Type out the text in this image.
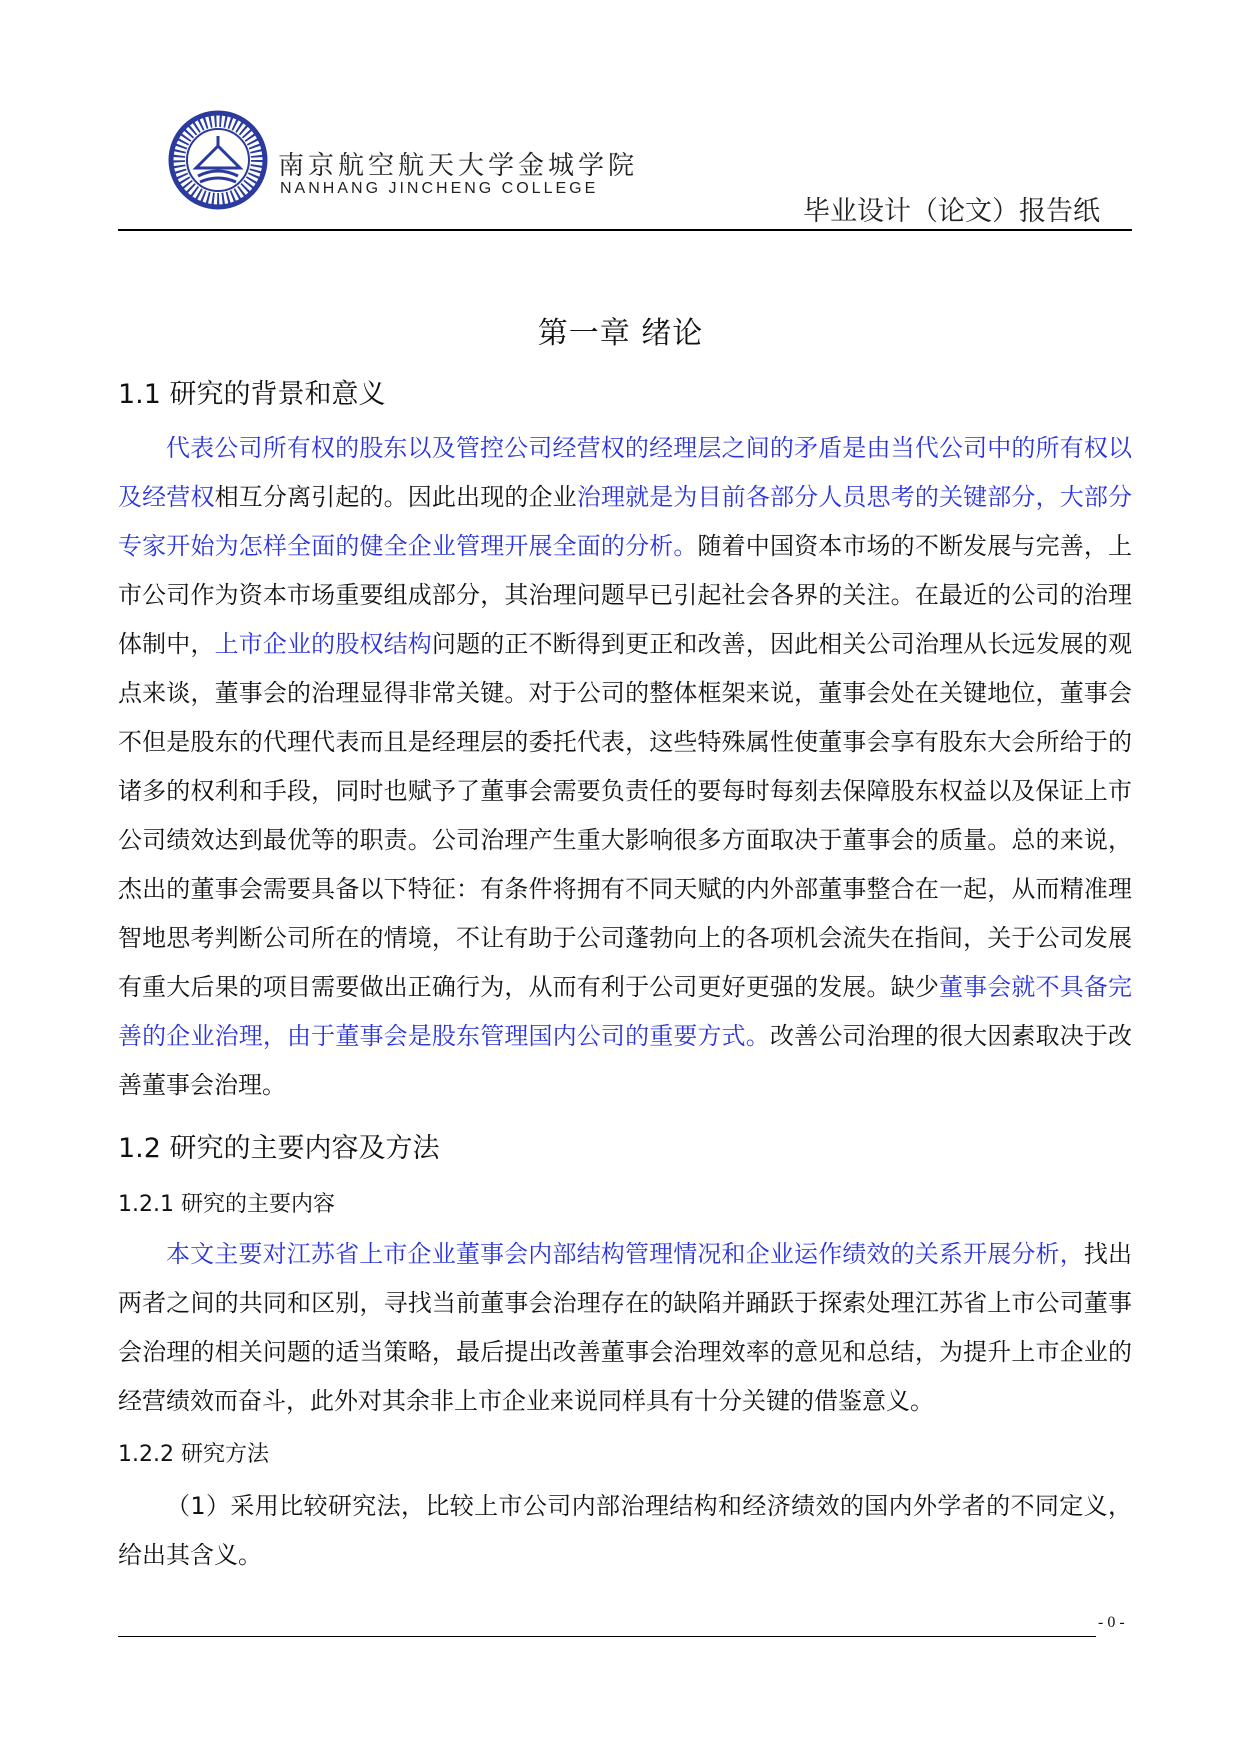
南京航空航天大学金城学院
NANHANG JINCHENG COLLEGE
毕业设计（论文）报告纸
第一章 绪论
1.1 研究的背景和意义
代表公司所有权的股东以及管控公司经营权的经理层之间的矛盾是由当代公司中的所有权以及经营权相互分离引起的。因此出现的企业治理就是为目前各部分人员思考的关键部分，大部分专家开始为怎样全面的健全企业管理开展全面的分析。随着中国资本市场的不断发展与完善，上市公司作为资本市场重要组成部分，其治理问题早已引起社会各界的关注。在最近的公司的治理体制中，上市企业的股权结构问题的正不断得到更正和改善，因此相关公司治理从长远发展的观点来谈，董事会的治理显得非常关键。对于公司的整体框架来说，董事会处在关键地位，董事会不但是股东的代理代表而且是经理层的委托代表，这些特殊属性使董事会享有股东大会所给于的诸多的权利和手段，同时也赋予了董事会需要负责任的要每时每刻去保障股东权益以及保证上市公司绩效达到最优等的职责。公司治理产生重大影响很多方面取决于董事会的质量。总的来说，杰出的董事会需要具备以下特征：有条件将拥有不同天赋的内外部董事整合在一起，从而精准理智地思考判断公司所在的情境，不让有助于公司蓬勃向上的各项机会流失在指间，关于公司发展有重大后果的项目需要做出正确行为，从而有利于公司更好更强的发展。缺少董事会就不具备完善的企业治理，由于董事会是股东管理国内公司的重要方式。改善公司治理的很大因素取决于改善董事会治理。
1.2 研究的主要内容及方法
1.2.1 研究的主要内容
本文主要对江苏省上市企业董事会内部结构管理情况和企业运作绩效的关系开展分析，找出两者之间的共同和区别，寻找当前董事会治理存在的缺陷并踊跃于探索处理江苏省上市公司董事会治理的相关问题的适当策略，最后提出改善董事会治理效率的意见和总结，为提升上市企业的经营绩效而奋斗，此外对其余非上市企业来说同样具有十分关键的借鉴意义。
1.2.2 研究方法
（1）采用比较研究法，比较上市公司内部治理结构和经济绩效的国内外学者的不同定义，给出其含义。
- 0 -
